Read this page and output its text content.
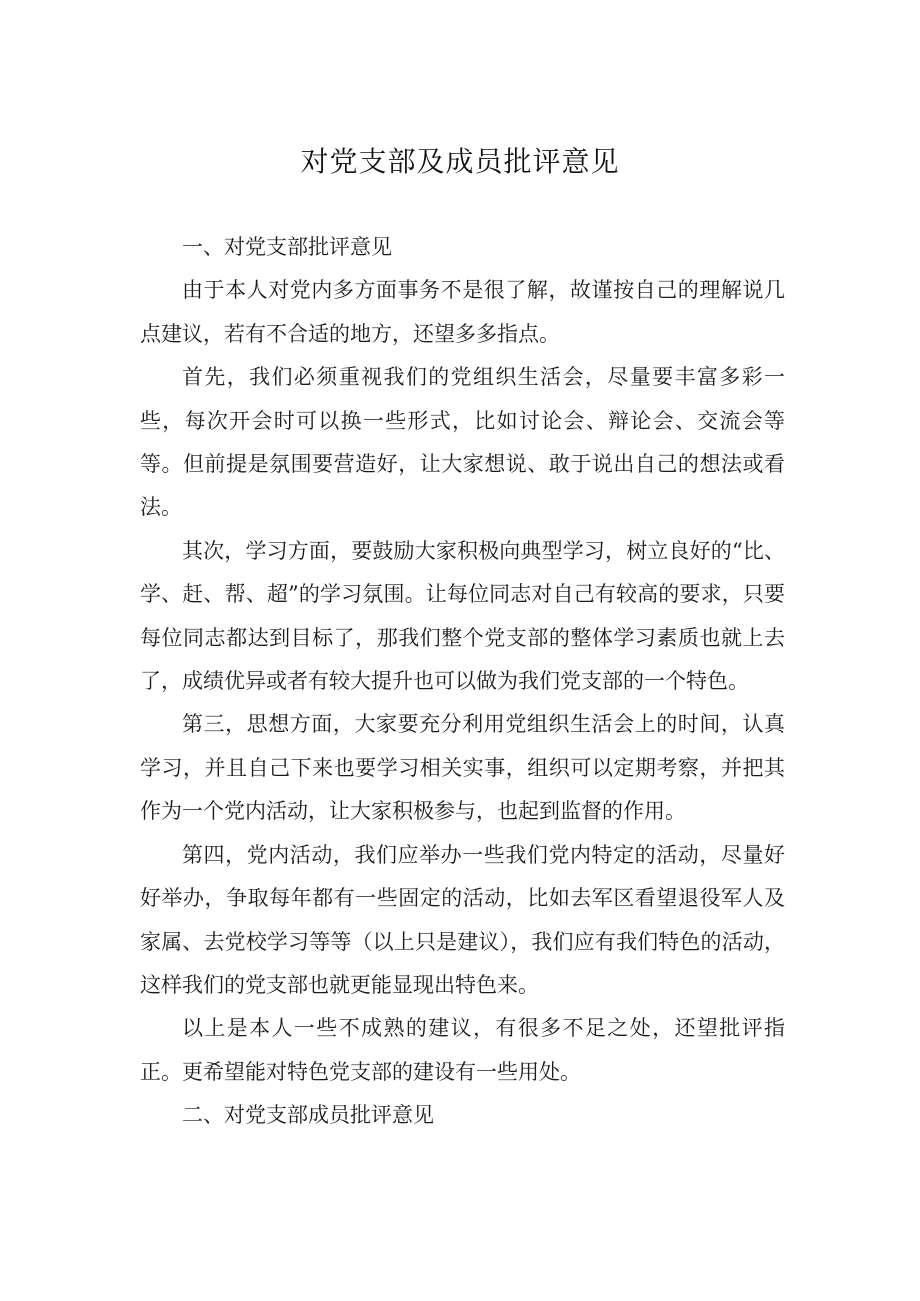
对党支部及成员批评意见

一、对党支部批评意见

由于本人对党内多方面事务不是很了解，故谨按自己的理解说几点建议，若有不合适的地方，还望多多指点。

首先，我们必须重视我们的党组织生活会，尽量要丰富多彩一些，每次开会时可以换一些形式，比如讨论会、辩论会、交流会等等。但前提是氛围要营造好，让大家想说、敢于说出自己的想法或看法。

其次，学习方面，要鼓励大家积极向典型学习，树立良好的“比、学、赶、帮、超”的学习氛围。让每位同志对自己有较高的要求，只要每位同志都达到目标了，那我们整个党支部的整体学习素质也就上去了，成绩优异或者有较大提升也可以做为我们党支部的一个特色。

第三，思想方面，大家要充分利用党组织生活会上的时间，认真学习，并且自己下来也要学习相关实事，组织可以定期考察，并把其作为一个党内活动，让大家积极参与，也起到监督的作用。

第四，党内活动，我们应举办一些我们党内特定的活动，尽量好好举办，争取每年都有一些固定的活动，比如去军区看望退役军人及家属、去党校学习等等（以上只是建议），我们应有我们特色的活动，这样我们的党支部也就更能显现出特色来。

以上是本人一些不成熟的建议，有很多不足之处，还望批评指正。更希望能对特色党支部的建设有一些用处。

二、对党支部成员批评意见
